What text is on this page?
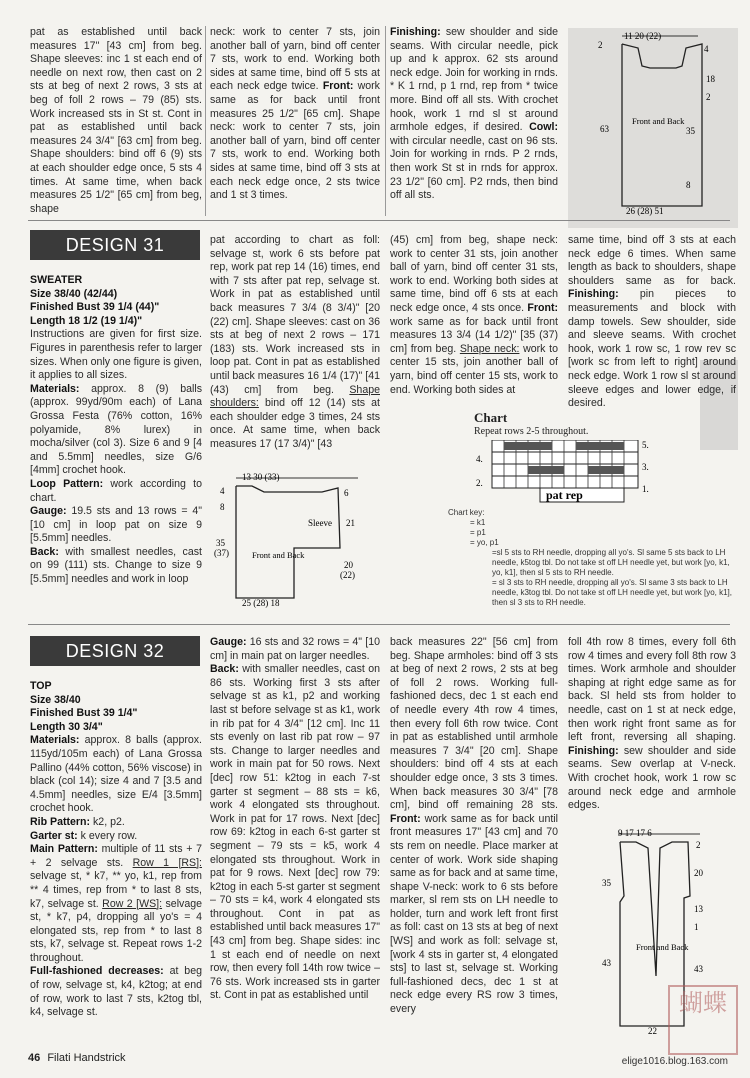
pat as established until back measures 17" [43 cm] from beg. Shape sleeves: inc 1 st each end of needle on next row, then cast on 2 sts at beg of next 2 rows, 3 sts at beg of foll 2 rows – 79 (85) sts. Work increased sts in St st. Cont in pat as established until back measures 24 3/4" [63 cm] from beg. Shape shoulders: bind off 6 (9) sts at each shoulder edge once, 5 sts 4 times. At same time, when back measures 25 1/2" [65 cm] from beg, shape

neck: work to center 7 sts, join another ball of yarn, bind off center 7 sts, work to end. Working both sides at same time, bind off 5 sts at each neck edge twice. Front: work same as for back until front measures 25 1/2" [65 cm]. Shape neck: work to center 7 sts, join another ball of yarn, bind off center 7 sts, work to end. Working both sides at same time, bind off 3 sts at each neck edge once, 2 sts twice and 1 st 3 times.

Finishing: sew shoulder and side seams. With circular needle, pick up and k approx. 62 sts around neck edge. Join for working in rnds. * K 1 rnd, p 1 rnd, rep from * twice more. Bind off all sts. With crochet hook, work 1 rnd sl st around armhole edges, if desired. Cowl: with circular needle, cast on 96 sts. Join for working in rnds. P 2 rnds, then work St st in rnds for approx. 23 1/2" [60 cm]. P2 rnds, then bind off all sts.

11 20 (22)
2	4
18
2
63	35
8
Front and Back
26 (28) 51
DESIGN 31

SWEATER

Size 38/40 (42/44)

Finished Bust 39 1/4 (44)"

Length 18 1/2 (19 1/4)"

Instructions are given for first size. Figures in parenthesis refer to larger sizes. When only one figure is given, it applies to all sizes.

Materials: approx. 8 (9) balls (approx. 99yd/90m each) of Lana Grossa Festa (76% cotton, 16% polyamide, 8% lurex) in mocha/silver (col 3). Size 6 and 9 [4 and 5.5mm] needles, size G/6 [4mm] crochet hook.

Loop Pattern: work according to chart.

Gauge: 19.5 sts and 13 rows = 4" [10 cm] in loop pat on size 9 [5.5mm] needles.

Back: with smallest needles, cast on 99 (111) sts. Change to size 9 [5.5mm] needles and work in loop

pat according to chart as foll: selvage st, work 6 sts before pat rep, work pat rep 14 (16) times, end with 7 sts after pat rep, selvage st. Work in pat as established until back measures 7 3/4 (8 3/4)" [20 (22) cm]. Shape sleeves: cast on 36 sts at beg of next 2 rows – 171 (183) sts. Work increased sts in loop pat. Cont in pat as established until back measures 16 1/4 (17)" [41 (43) cm] from beg. Shape shoulders: bind off 12 (14) sts at each shoulder edge 3 times, 24 sts once. At same time, when back measures 17 (17 3/4)" [43

(45) cm] from beg, shape neck: work to center 31 sts, join another ball of yarn, bind off center 31 sts, work to end. Working both sides at same time, bind off 6 sts at each neck edge once, 4 sts once. Front: work same as for back until front measures 13 3/4 (14 1/2)" [35 (37) cm] from beg. Shape neck: work to center 15 sts, join another ball of yarn, bind off center 15 sts, work to end. Working both sides at

same time, bind off 3 sts at each neck edge 6 times. When same length as back to shoulders, shape shoulders same as for back. Finishing: pin pieces to measurements and block with damp towels. Sew shoulder, side and sleeve seams. With crochet hook, work 1 row sc, 1 row rev sc [work sc from left to right] around neck edge. Work 1 row sl st around sleeve edges and lower edge, if desired.

13 30 (33)
4
8
6
Sleeve 21
35
(37)
20
(22)
Front and Back
25 (28) 18
Chart
Repeat rows 2-5 throughout.
4.
2.
5.
3.
1.
pat rep

Chart key:

= k1

= p1

= yo, p1

=sl 5 sts to RH needle, dropping all yo's. Sl same 5 sts back to LH needle, k5tog tbl. Do not take st off LH needle yet, but work [yo, k1, yo, k1], then sl 5 sts to RH needle.

= sl 3 sts to RH needle, dropping all yo's. Sl same 3 sts back to LH needle, k3tog tbl. Do not take st off LH needle yet, but work [yo, k1], then sl 3 sts to RH needle.

DESIGN 32

TOP

Size 38/40

Finished Bust 39 1/4"

Length 30 3/4"

Materials: approx. 8 balls (approx. 115yd/105m each) of Lana Grossa Pallino (44% cotton, 56% viscose) in black (col 14); size 4 and 7 [3.5 and 4.5mm] needles, size E/4 [3.5mm] crochet hook.

Rib Pattern: k2, p2.

Garter st: k every row.

Main Pattern: multiple of 11 sts + 7 + 2 selvage sts. Row 1 [RS]: selvage st, * k7, ** yo, k1, rep from ** 4 times, rep from * to last 8 sts, k7, selvage st. Row 2 [WS]: selvage st, * k7, p4, dropping all yo's = 4 elongated sts, rep from * to last 8 sts, k7, selvage st. Repeat rows 1-2 throughout.

Full-fashioned decreases: at beg of row, selvage st, k4, k2tog; at end of row, work to last 7 sts, k2tog tbl, k4, selvage st.

Gauge: 16 sts and 32 rows = 4" [10 cm] in main pat on larger needles.

Back: with smaller needles, cast on 86 sts. Working first 3 sts after selvage st as k1, p2 and working last st before selvage st as k1, work in rib pat for 4 3/4" [12 cm]. Inc 11 sts evenly on last rib pat row – 97 sts. Change to larger needles and work in main pat for 50 rows. Next [dec] row 51: k2tog in each 7-st garter st segment – 88 sts = k6, work 4 elongated sts throughout. Work in pat for 17 rows. Next [dec] row 69: k2tog in each 6-st garter st segment – 79 sts = k5, work 4 elongated sts throughout. Work in pat for 9 rows. Next [dec] row 79: k2tog in each 5-st garter st segment – 70 sts = k4, work 4 elongated sts throughout. Cont in pat as established until back measures 17" [43 cm] from beg. Shape sides: inc 1 st each end of needle on next row, then every foll 14th row twice – 76 sts. Work increased sts in garter st. Cont in pat as established until

back measures 22" [56 cm] from beg. Shape armholes: bind off 3 sts at beg of next 2 rows, 2 sts at beg of foll 2 rows. Working full-fashioned decs, dec 1 st each end of needle every 4th row 4 times, then every foll 6th row twice. Cont in pat as established until armhole measures 7 3/4" [20 cm]. Shape shoulders: bind off 4 sts at each shoulder edge once, 3 sts 3 times. When back measures 30 3/4" [78 cm], bind off remaining 28 sts. Front: work same as for back until front measures 17" [43 cm] and 70 sts rem on needle. Place marker at center of work. Work side shaping same as for back and at same time, shape V-neck: work to 6 sts before marker, sl rem sts on LH needle to holder, turn and work left front first as foll: cast on 13 sts at beg of next [WS] and work as foll: selvage st, [work 4 sts in garter st, 4 elongated sts] to last st, selvage st. Working full-fashioned decs, dec 1 st at neck edge every RS row 3 times, every

foll 4th row 8 times, every foll 6th row 4 times and every foll 8th row 3 times. Work armhole and shoulder shaping at right edge same as for back. Sl held sts from holder to needle, cast on 1 st at neck edge, then work right front same as for left front, reversing all shaping. Finishing: sew shoulder and side seams. Sew overlap at V-neck. With crochet hook, work 1 row sc around neck edge and armhole edges.

9 17 17 6
2
35
20
13
1
43
Front and Back
43
22
46 Filati Handstrick	elige1016.blog.163.com
蝴蝶
